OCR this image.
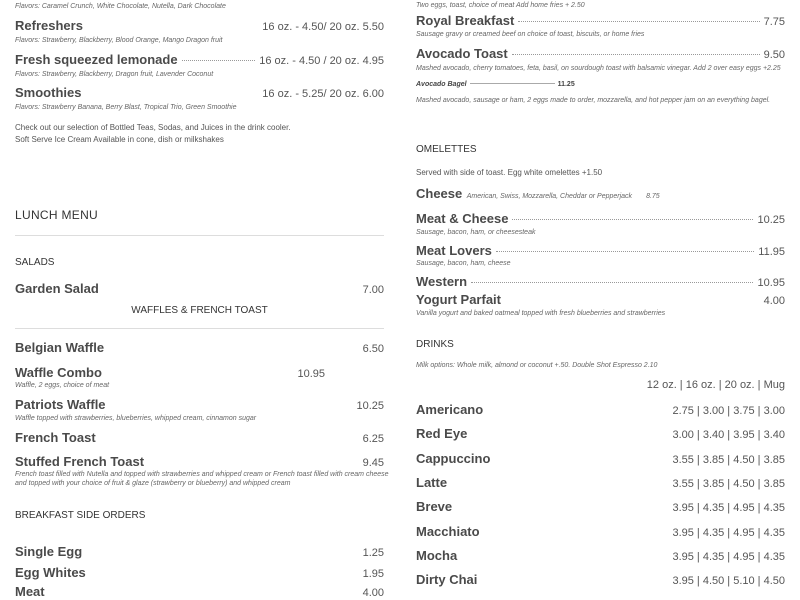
Flavors: Caramel Crunch, White Chocolate, Nutella, Dark Chocolate
Refreshers	16 oz. - 4.50/ 20 oz. 5.50
Flavors: Strawberry, Blackberry, Blood Orange, Mango Dragon fruit
Fresh squeezed lemonade	16 oz. - 4.50 / 20 oz. 4.95
Flavors: Strawberry, Blackberry, Dragon fruit, Lavender Coconut
Smoothies	16 oz. - 5.25/ 20 oz. 6.00
Flavors: Strawberry Banana, Berry Blast, Tropical Trio, Green Smoothie
Check out our selection of Bottled Teas, Sodas, and Juices in the drink cooler.
Soft Serve Ice Cream Available in cone, dish or milkshakes
LUNCH MENU
SALADS
Garden Salad	7.00
WAFFLES & FRENCH TOAST
Belgian Waffle	6.50
Waffle Combo	10.95
Waffle, 2 eggs, choice of meat
Patriots Waffle	10.25
Waffle topped with strawberries, blueberries, whipped cream, cinnamon sugar
French Toast	6.25
Stuffed French Toast	9.45
French toast filled with Nutella and topped with strawberries and whipped cream or French toast filled with cream cheese
and topped with your choice of fruit & glaze (strawberry or blueberry) and whipped cream
BREAKFAST SIDE ORDERS
Single Egg	1.25
Egg Whites	1.95
Meat	4.00
Two eggs, toast, choice of meat Add home fries + 2.50
Royal Breakfast	7.75
Sausage gravy or creamed beef on choice of toast, biscuits, or home fries
Avocado Toast	9.50
Mashed avocado, cherry tomatoes, feta, basil, on sourdough toast with balsamic vinegar. Add 2 over easy eggs +2.25
Avocado Bagel	11.25
Mashed avocado, sausage or ham, 2 eggs made to order, mozzarella, and hot pepper jam on an everything bagel.
OMELETTES
Served with side of toast. Egg white omelettes +1.50
Cheese American, Swiss, Mozzarella, Cheddar or Pepperjack 8.75
Meat & Cheese	10.25
Sausage, bacon, ham, or cheesesteak
Meat Lovers	11.95
Sausage, bacon, ham, cheese
Western	10.95
Yogurt Parfait	4.00
Vanilla yogurt and baked oatmeal topped with fresh blueberries and strawberries
DRINKS
Milk options: Whole milk, almond or coconut +.50. Double Shot Espresso 2.10
12 oz. | 16 oz. | 20 oz. | Mug
Americano	2.75 | 3.00 | 3.75 | 3.00
Red Eye	3.00 | 3.40 | 3.95 | 3.40
Cappuccino	3.55 | 3.85 | 4.50 | 3.85
Latte	3.55 | 3.85 | 4.50 | 3.85
Breve	3.95 | 4.35 | 4.95 | 4.35
Macchiato	3.95 | 4.35 | 4.95 | 4.35
Mocha	3.95 | 4.35 | 4.95 | 4.35
Dirty Chai	3.95 | 4.50 | 5.10 | 4.50
